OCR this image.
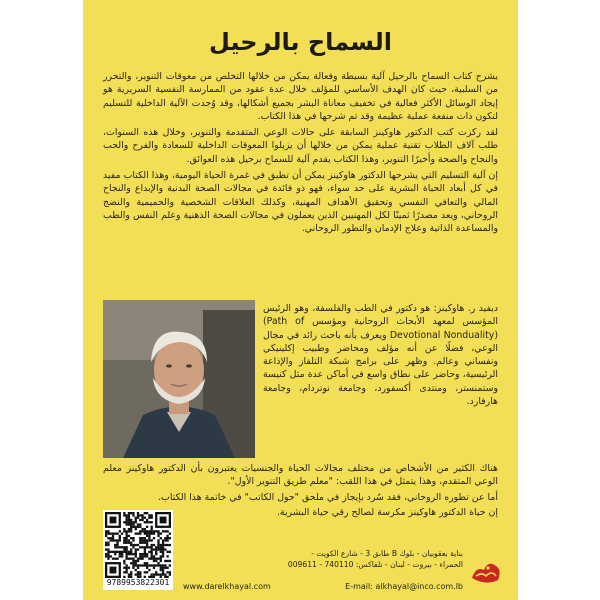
السماح بالرحيل

يشرح كتاب السماح بالرحيل آلية بسيطة وفعالة يمكن من خلالها التخلص من معوقات التنوير، والتحرر من السلبية، حيث كان الهدف الأساسي للمؤلف خلال عدة عقود من الممارسة النفسية السريرية هو إيجاد الوسائل الأكثر فعالية في تخفيف معاناة البشر بجميع أشكالها، وقد وُجدت الآلية الداخلية للتسليم لتكون ذات منفعة عملية عظيمة وقد تم شرحها في هذا الكتاب.

لقد ركزت كتب الدكتور هاوكينز السابقة على حالات الوعي المتقدمة والتنوير، وخلال هذه السنوات، طلب آلاف الطلاب تقنية عملية يمكن من خلالها أن يزيلوا المعوقات الداخلية للسعادة والفرح والحب والنجاح والصحة وأخيرًا التنوير، وهذا الكتاب يقدم آلية للسماح برحيل هذه العوائق.

إن آلية التسليم التي يشرحها الدكتور هاوكينز يمكن أن تطبق في غمرة الحياة اليومية، وهذا الكتاب مفيد في كل أبعاد الحياة البشرية على حد سواء، فهو ذو فائدة في مجالات الصحة البدنية والإبداع والنجاح المالي والتعافي النفسي وتحقيق الأهداف المهنية، وكذلك العلاقات الشخصية والحميمية والنضج الروحاني، ويعد مصدرًا ثمينًا لكل المهنيين الذين يعملون في مجالات الصحة الذهنية وعلم النفس والطب والمساعدة الذاتية وعلاج الإدمان والتطور الروحاني.

ديفيد ر. هاوكينز: هو دكتور في الطب والفلسفة، وهو الرئيس المؤسس لمعهد الأبحاث الروحانية ومؤسس (Path of Devotional Nonduality) ويعرف بأنه باحث رائد في مجال الوعي، فضلًا عن أنه مؤلف ومحاضر وطبيب إكلينيكي ونفساني وعالم. وظهر على برامج شبكة التلفاز والإذاعة الرئيسية، وحاضر على نطاق واسع في أماكن عدة مثل كنيسة وستمنستر، ومنتدى أكسفورد، وجامعة نوتردام، وجامعة هارفارد.

هناك الكثير من الأشخاص من مختلف مجالات الحياة والجنسيات يعتبرون بأن الدكتور هاوكينز معلم الوعي المتقدم، وهذا يتمثل في هذا اللقب: "معلم طريق التنوير الأول".

أما عن تطوره الروحاني، فقد سُرد بإيجاز في ملحق "حول الكاتب" في خاتمة هذا الكتاب.

إن حياة الدكتور هاوكينز مكرسة لصالح رقي حياة البشرية.

9789953822301
بناية بعقوبيان - بلوك B طابق 3 - شارع الكويت -
الحمراء - بيروت - لبنان - تلفاكس: 740110 - 009611
www.darelkhayal.com	E-mail: alkhayal@inco.com.lb
